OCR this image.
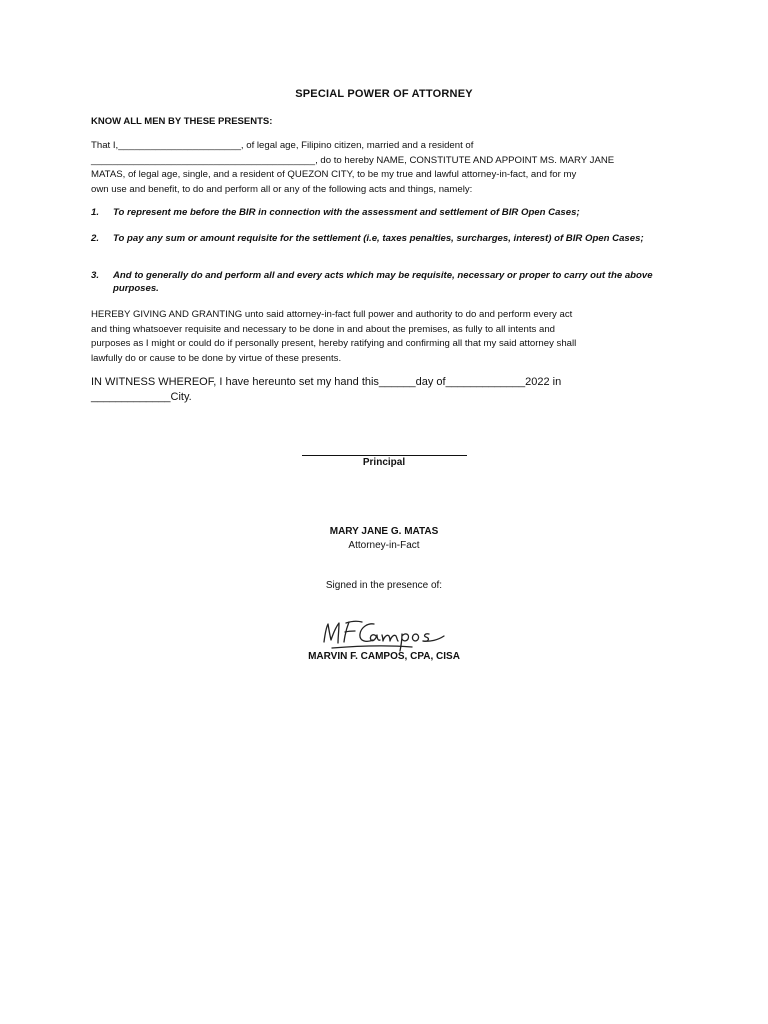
SPECIAL POWER OF ATTORNEY
KNOW ALL MEN BY THESE PRESENTS:
That I,_______________________, of legal age, Filipino citizen, married and a resident of
__________________________________________, do to hereby NAME, CONSTITUTE AND APPOINT MS. MARY JANE
MATAS, of legal age, single, and a resident of QUEZON CITY, to be my true and lawful attorney-in-fact, and for my
own use and benefit, to do and perform all or any of the following acts and things, namely:
1. To represent me before the BIR in connection with the assessment and settlement of BIR Open Cases;
2. To pay any sum or amount requisite for the settlement (i.e, taxes penalties, surcharges, interest) of BIR Open Cases;
3. And to generally do and perform all and every acts which may be requisite, necessary or proper to carry out the above purposes.
HEREBY GIVING AND GRANTING unto said attorney-in-fact full power and authority to do and perform every act
and thing whatsoever requisite and necessary to be done in and about the premises, as fully to all intents and
purposes as I might or could do if personally present, hereby ratifying and confirming all that my said attorney shall
lawfully do or cause to be done by virtue of these presents.
IN WITNESS WHEREOF, I have hereunto set my hand this______day of_____________2022 in
_____________City.
Principal
MARY JANE G. MATAS
Attorney-in-Fact
Signed in the presence of:
MARVIN F. CAMPOS, CPA, CISA
